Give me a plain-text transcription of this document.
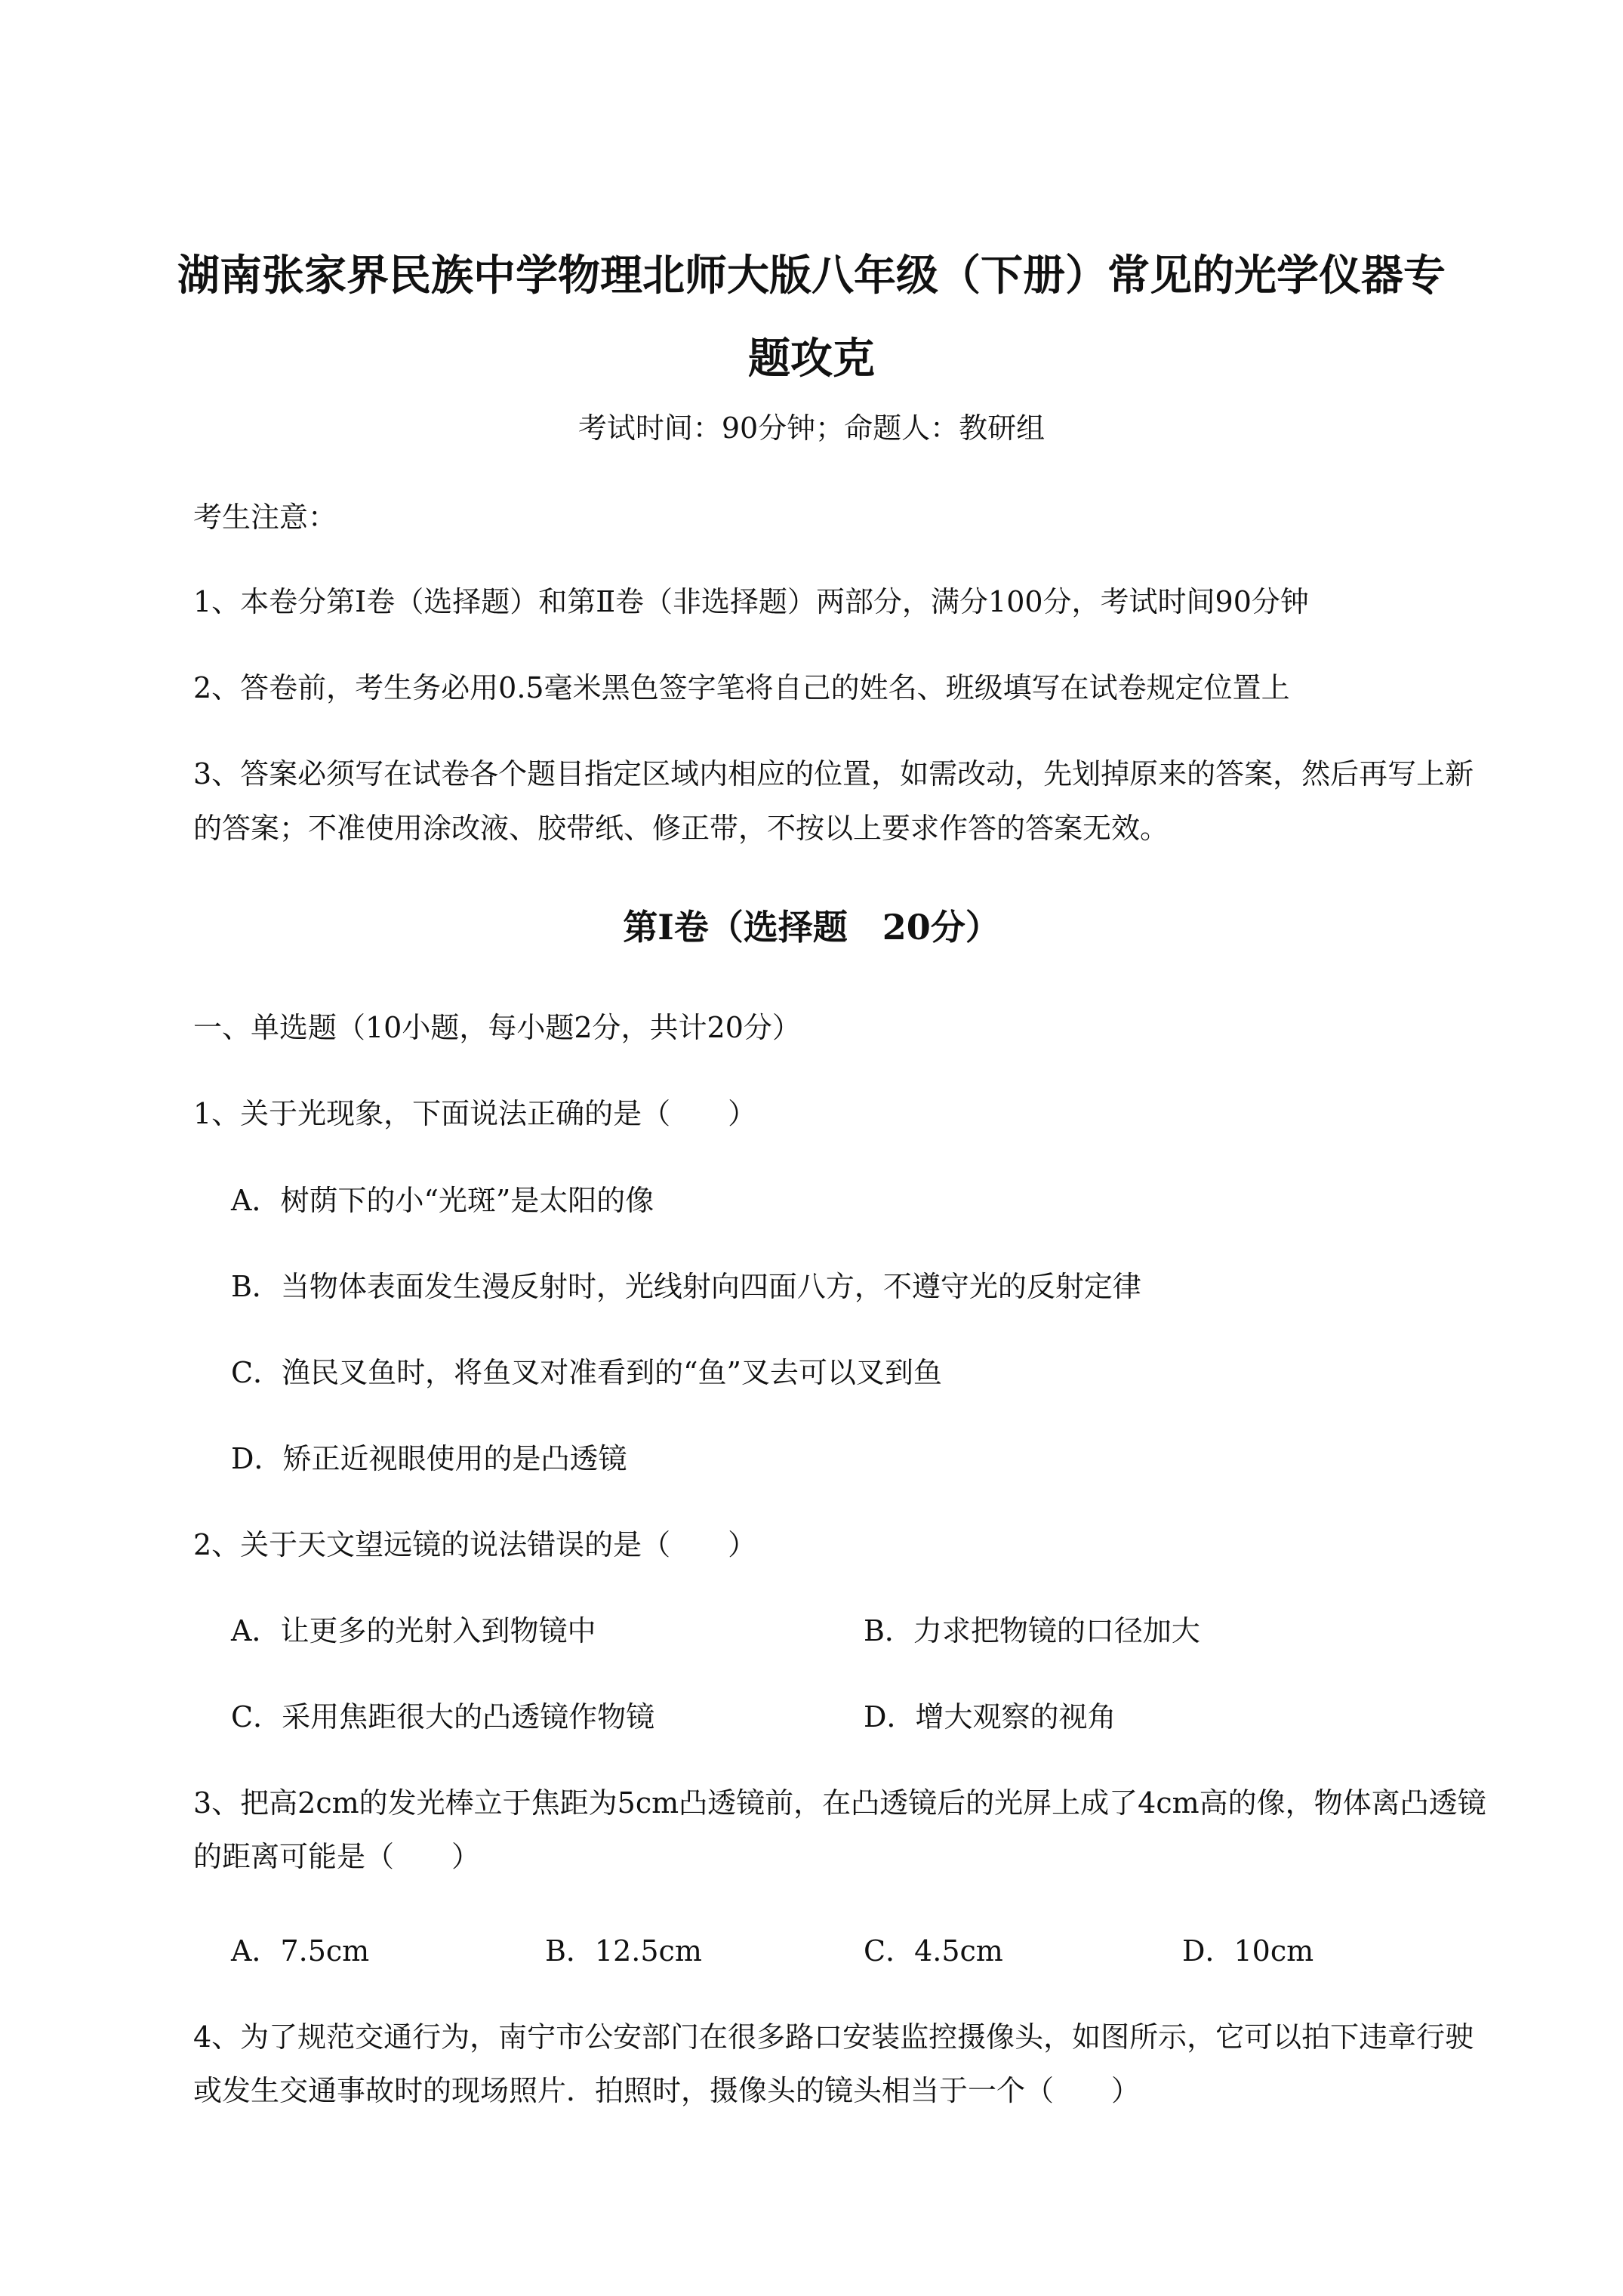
湖南张家界民族中学物理北师大版八年级（下册）常见的光学仪器专
题攻克
考试时间：90分钟；命题人：教研组
考生注意：
1、本卷分第I卷（选择题）和第Ⅱ卷（非选择题）两部分，满分100分，考试时间90分钟
2、答卷前，考生务必用0.5毫米黑色签字笔将自己的姓名、班级填写在试卷规定位置上
3、答案必须写在试卷各个题目指定区域内相应的位置，如需改动，先划掉原来的答案，然后再写上新
的答案；不准使用涂改液、胶带纸、修正带，不按以上要求作答的答案无效。
第I卷（选择题　20分）
一、单选题（10小题，每小题2分，共计20分）
1、关于光现象，下面说法正确的是（　　）
A．树荫下的小“光斑”是太阳的像
B．当物体表面发生漫反射时，光线射向四面八方，不遵守光的反射定律
C．渔民叉鱼时，将鱼叉对准看到的“鱼”叉去可以叉到鱼
D．矫正近视眼使用的是凸透镜
2、关于天文望远镜的说法错误的是（　　）
A．让更多的光射入到物镜中	B．力求把物镜的口径加大
C．采用焦距很大的凸透镜作物镜	D．增大观察的视角
3、把高2cm的发光棒立于焦距为5cm凸透镜前，在凸透镜后的光屏上成了4cm高的像，物体离凸透镜
的距离可能是（　　）
A．7.5cm	B．12.5cm	C．4.5cm	D．10cm
4、为了规范交通行为，南宁市公安部门在很多路口安装监控摄像头，如图所示，它可以拍下违章行驶
或发生交通事故时的现场照片．拍照时，摄像头的镜头相当于一个（　　）
